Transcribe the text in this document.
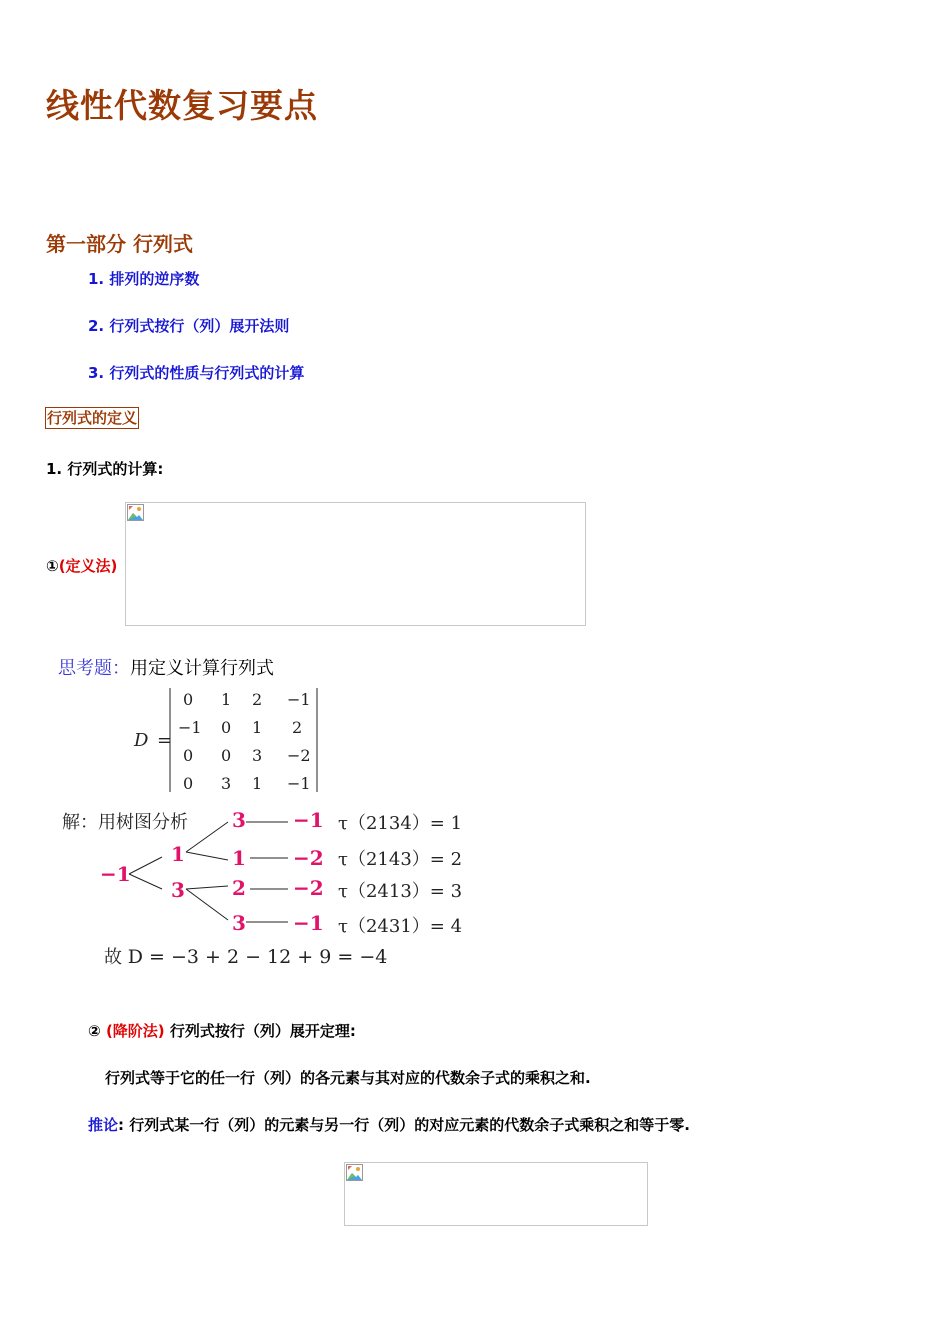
线性代数复习要点
第一部分 行列式
1. 排列的逆序数
2. 行列式按行（列）展开法则
3. 行列式的性质与行列式的计算
行列式的定义
1. 行列式的计算:
①(定义法)
思考题：用定义计算行列式
D =
0 1 2 −1
−1 0 1 2
0 0 3 −2
0 3 1 −1
解：用树图分析
−1
1
3
3
1
2
3
−1
−2
−2
−1
τ（2134）= 1
τ（2143）= 2
τ（2413）= 3
τ（2431）= 4
故 D = −3 + 2 − 12 + 9 = −4
② (降阶法) 行列式按行（列）展开定理:
行列式等于它的任一行（列）的各元素与其对应的代数余子式的乘积之和.
推论: 行列式某一行（列）的元素与另一行（列）的对应元素的代数余子式乘积之和等于零.
